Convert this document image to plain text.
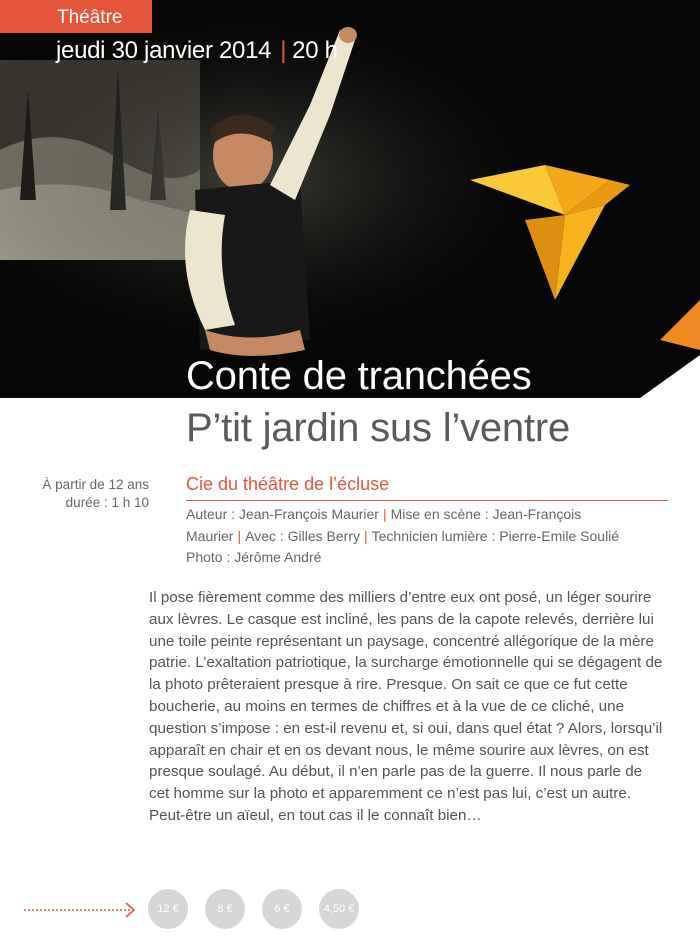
Théâtre
jeudi 30 janvier 2014 | 20 h
Conte de tranchées
P’tit jardin sus l’ventre
À partir de 12 ans
durée : 1 h 10
Cie du théâtre de l’écluse
Auteur : Jean-François Maurier | Mise en scène : Jean-François Maurier | Avec : Gilles Berry | Technicien lumière : Pierre-Emile Soulié
Photo : Jérôme André

Il pose fièrement comme des milliers d’entre eux ont posé, un léger sourire aux lèvres. Le casque est incliné, les pans de la capote relevés, derrière lui une toile peinte représentant un paysage, concentré allégorique de la mère patrie. L’exaltation patriotique, la surcharge émotionnelle qui se dégagent de la photo prêteraient presque à rire. Presque. On sait ce que ce fut cette boucherie, au moins en termes de chiffres et à la vue de ce cliché, une question s’impose : en est-il revenu et, si oui, dans quel état ? Alors, lorsqu’il apparaît en chair et en os devant nous, le même sourire aux lèvres, on est presque soulagé. Au début, il n’en parle pas de la guerre. Il nous parle de cet homme sur la photo et apparemment ce n’est pas lui, c’est un autre. Peut-être un aïeul, en tout cas il le connaît bien…

12 €	8 €	6 €	4,50 €
